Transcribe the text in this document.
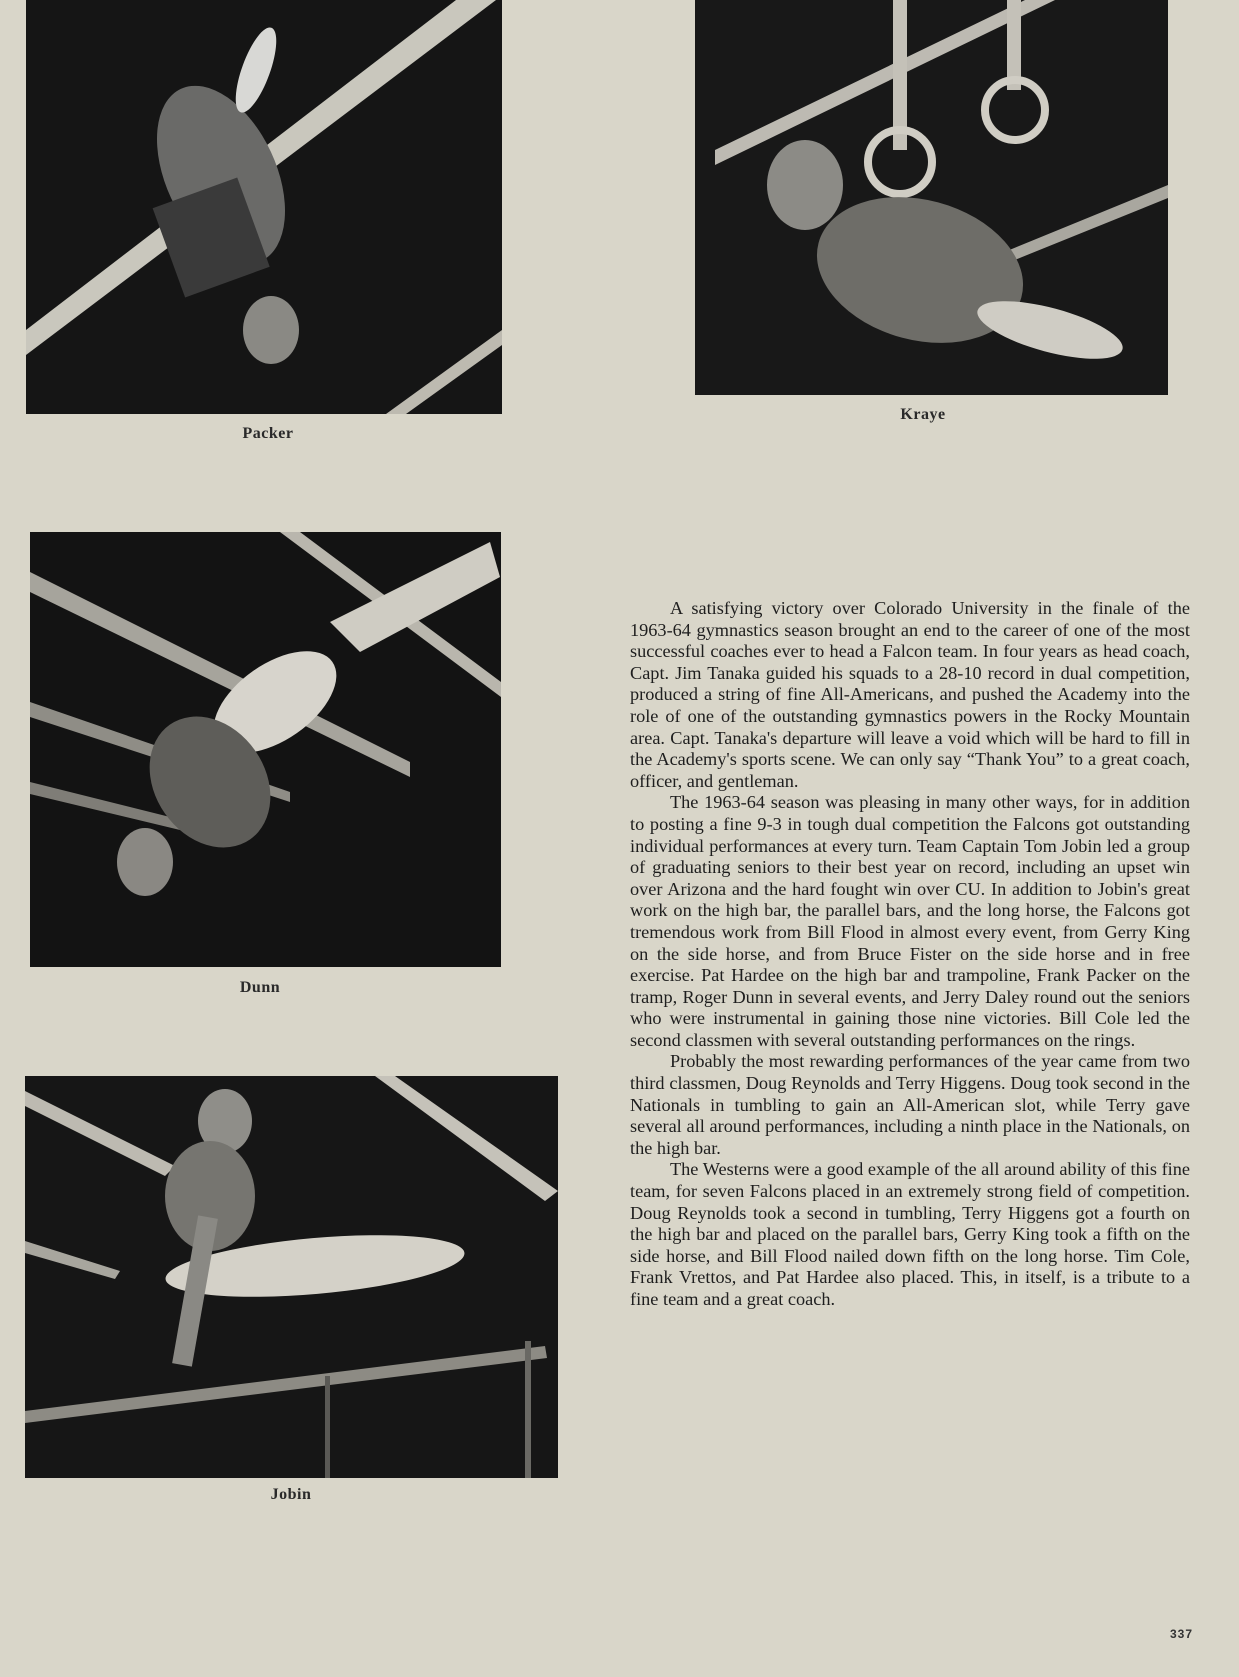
Packer
Kraye
Dunn
Jobin

A satisfying victory over Colorado University in the finale of the 1963-64 gymnastics season brought an end to the career of one of the most successful coaches ever to head a Falcon team. In four years as head coach, Capt. Jim Tanaka guided his squads to a 28-10 record in dual competition, produced a string of fine All-Americans, and pushed the Academy into the role of one of the outstanding gymnastics powers in the Rocky Mountain area. Capt. Tanaka's departure will leave a void which will be hard to fill in the Academy's sports scene. We can only say “Thank You” to a great coach, officer, and gentleman.

The 1963-64 season was pleasing in many other ways, for in addition to posting a fine 9-3 in tough dual competition the Falcons got outstanding individual performances at every turn. Team Captain Tom Jobin led a group of graduating seniors to their best year on record, including an upset win over Arizona and the hard fought win over CU. In addition to Jobin's great work on the high bar, the parallel bars, and the long horse, the Falcons got tremendous work from Bill Flood in almost every event, from Gerry King on the side horse, and from Bruce Fister on the side horse and in free exercise. Pat Hardee on the high bar and trampoline, Frank Packer on the tramp, Roger Dunn in several events, and Jerry Daley round out the seniors who were instrumental in gaining those nine victories. Bill Cole led the second classmen with several outstanding performances on the rings.

Probably the most rewarding performances of the year came from two third classmen, Doug Reynolds and Terry Higgens. Doug took second in the Nationals in tumbling to gain an All-American slot, while Terry gave several all around performances, including a ninth place in the Nationals, on the high bar.

The Westerns were a good example of the all around ability of this fine team, for seven Falcons placed in an extremely strong field of competition. Doug Reynolds took a second in tumbling, Terry Higgens got a fourth on the high bar and placed on the parallel bars, Gerry King took a fifth on the side horse, and Bill Flood nailed down fifth on the long horse. Tim Cole, Frank Vrettos, and Pat Hardee also placed. This, in itself, is a tribute to a fine team and a great coach.

337
